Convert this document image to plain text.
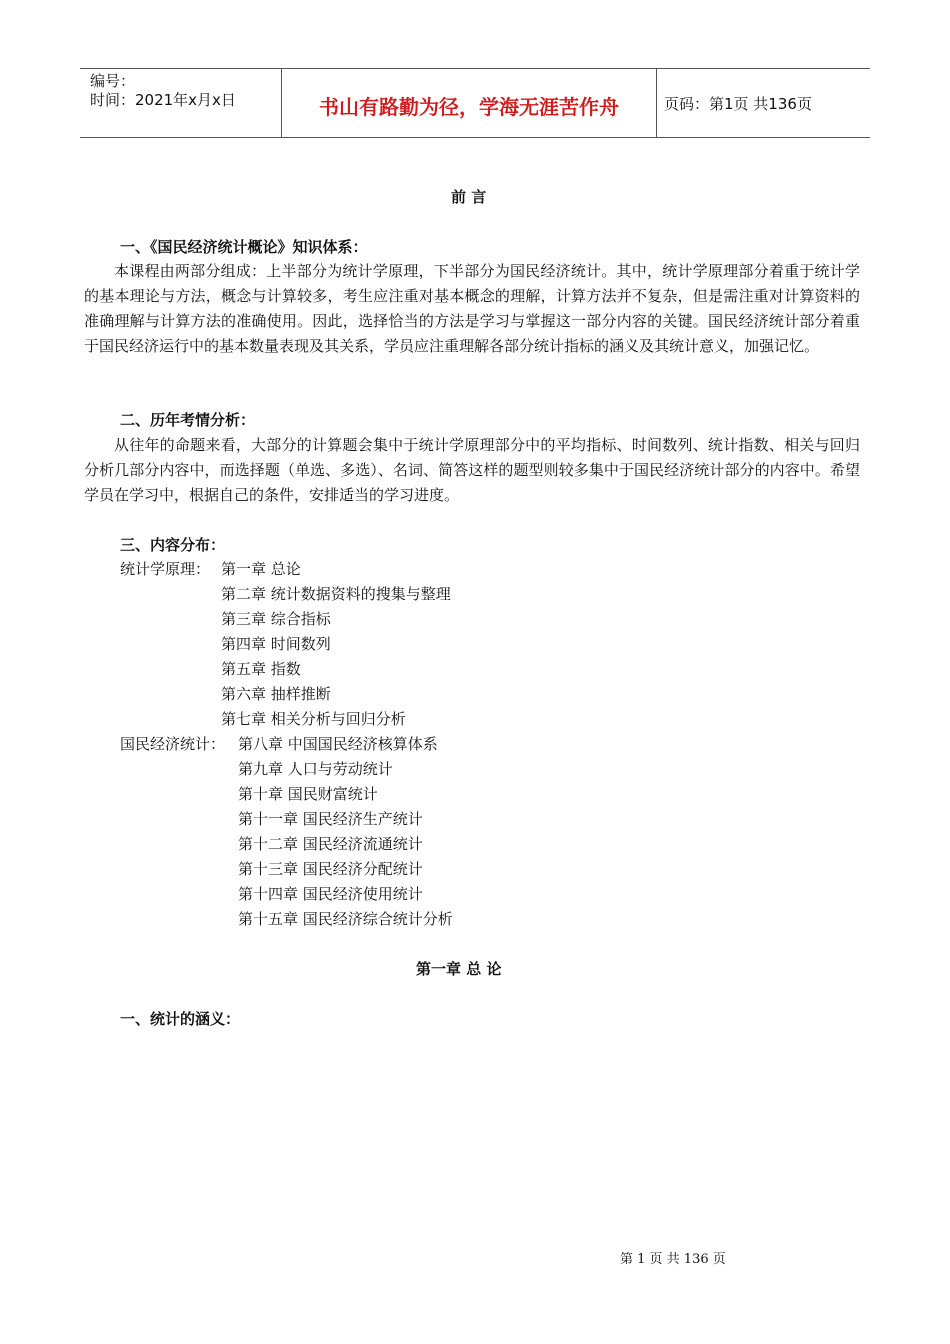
编号：
时间：2021年x月x日	书山有路勤为径，学海无涯苦作舟	页码：第1页 共136页
前 言
一、《国民经济统计概论》知识体系：
本课程由两部分组成：上半部分为统计学原理，下半部分为国民经济统计。其中，统计学原理部分着重于统计学的基本理论与方法，概念与计算较多，考生应注重对基本概念的理解，计算方法并不复杂，但是需注重对计算资料的准确理解与计算方法的准确使用。因此，选择恰当的方法是学习与掌握这一部分内容的关键。国民经济统计部分着重于国民经济运行中的基本数量表现及其关系，学员应注重理解各部分统计指标的涵义及其统计意义，加强记忆。
二、历年考情分析：
从往年的命题来看，大部分的计算题会集中于统计学原理部分中的平均指标、时间数列、统计指数、相关与回归分析几部分内容中，而选择题（单选、多选）、名词、简答这样的题型则较多集中于国民经济统计部分的内容中。希望学员在学习中，根据自己的条件，安排适当的学习进度。
三、内容分布：
统计学原理： 第一章 总论
第二章 统计数据资料的搜集与整理
第三章 综合指标
第四章 时间数列
第五章 指数
第六章 抽样推断
第七章 相关分析与回归分析
国民经济统计： 第八章 中国国民经济核算体系
第九章 人口与劳动统计
第十章 国民财富统计
第十一章 国民经济生产统计
第十二章 国民经济流通统计
第十三章 国民经济分配统计
第十四章 国民经济使用统计
第十五章 国民经济综合统计分析
第一章 总 论
一、统计的涵义：
第 1 页 共 136 页
